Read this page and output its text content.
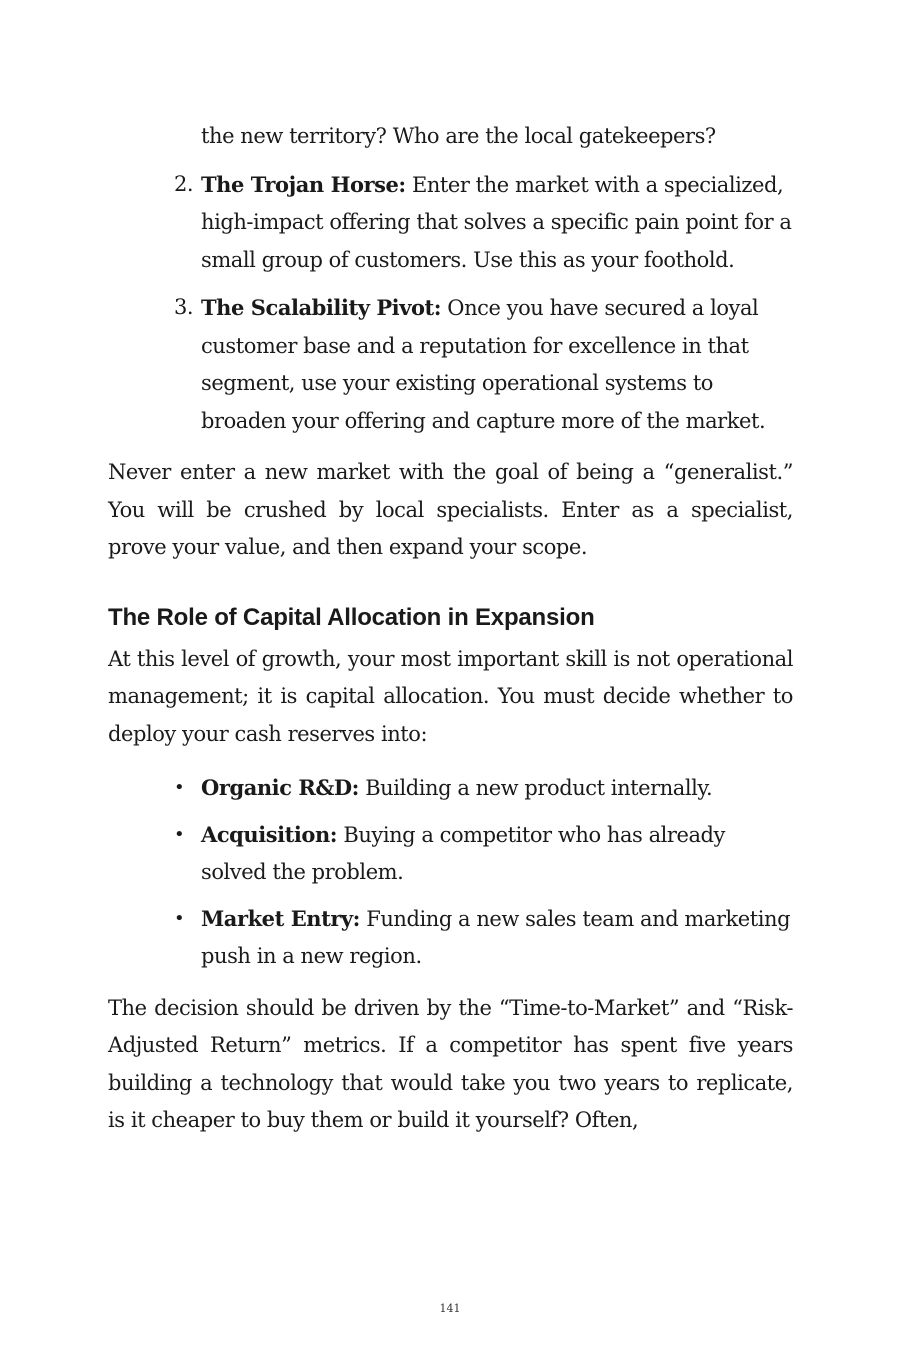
the new territory? Who are the local gatekeepers?

2. The Trojan Horse: Enter the market with a specialized, high-impact offering that solves a specific pain point for a small group of customers. Use this as your foothold.
3. The Scalability Pivot: Once you have secured a loyal customer base and a reputation for excellence in that segment, use your existing operational systems to broaden your offering and capture more of the market.

Never enter a new market with the goal of being a “generalist.” You will be crushed by local specialists. Enter as a specialist, prove your value, and then expand your scope.

The Role of Capital Allocation in Expansion

At this level of growth, your most important skill is not operational management; it is capital allocation. You must decide whether to deploy your cash reserves into:

• Organic R&D: Building a new product internally.
• Acquisition: Buying a competitor who has already solved the problem.
• Market Entry: Funding a new sales team and marketing push in a new region.

The decision should be driven by the “Time-to-Market” and “Risk-Adjusted Return” metrics. If a competitor has spent five years building a technology that would take you two years to replicate, is it cheaper to buy them or build it yourself? Often,

141
